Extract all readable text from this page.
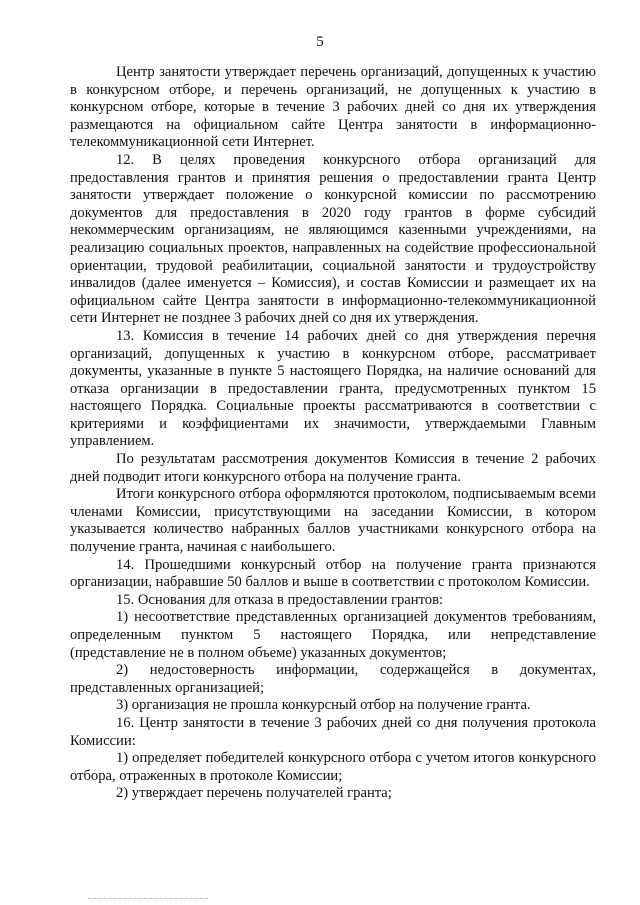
5

Центр занятости утверждает перечень организаций, допущенных к участию в конкурсном отборе, и перечень организаций, не допущенных к участию в конкурсном отборе, которые в течение 3 рабочих дней со дня их утверждения размещаются на официальном сайте Центра занятости в информационно-телекоммуникационной сети Интернет.

12. В целях проведения конкурсного отбора организаций для предоставления грантов и принятия решения о предоставлении гранта Центр занятости утверждает положение о конкурсной комиссии по рассмотрению документов для предоставления в 2020 году грантов в форме субсидий некоммерческим организациям, не являющимся казенными учреждениями, на реализацию социальных проектов, направленных на содействие профессиональной ориентации, трудовой реабилитации, социальной занятости и трудоустройству инвалидов (далее именуется – Комиссия), и состав Комиссии и размещает их на официальном сайте Центра занятости в информационно-телекоммуникационной сети Интернет не позднее 3 рабочих дней со дня их утверждения.

13. Комиссия в течение 14 рабочих дней со дня утверждения перечня организаций, допущенных к участию в конкурсном отборе, рассматривает документы, указанные в пункте 5 настоящего Порядка, на наличие оснований для отказа организации в предоставлении гранта, предусмотренных пунктом 15 настоящего Порядка. Социальные проекты рассматриваются в соответствии с критериями и коэффициентами их значимости, утверждаемыми Главным управлением.

По результатам рассмотрения документов Комиссия в течение 2 рабочих дней подводит итоги конкурсного отбора на получение гранта.

Итоги конкурсного отбора оформляются протоколом, подписываемым всеми членами Комиссии, присутствующими на заседании Комиссии, в котором указывается количество набранных баллов участниками конкурсного отбора на получение гранта, начиная с наибольшего.

14. Прошедшими конкурсный отбор на получение гранта признаются организации, набравшие 50 баллов и выше в соответствии с протоколом Комиссии.

15. Основания для отказа в предоставлении грантов:

1) несоответствие представленных организацией документов требованиям, определенным пунктом 5 настоящего Порядка, или непредставление (представление не в полном объеме) указанных документов;

2) недостоверность информации, содержащейся в документах, представленных организацией;

3) организация не прошла конкурсный отбор на получение гранта.

16. Центр занятости в течение 3 рабочих дней со дня получения протокола Комиссии:

1) определяет победителей конкурсного отбора с учетом итогов конкурсного отбора, отраженных в протоколе Комиссии;

2) утверждает перечень получателей гранта;
